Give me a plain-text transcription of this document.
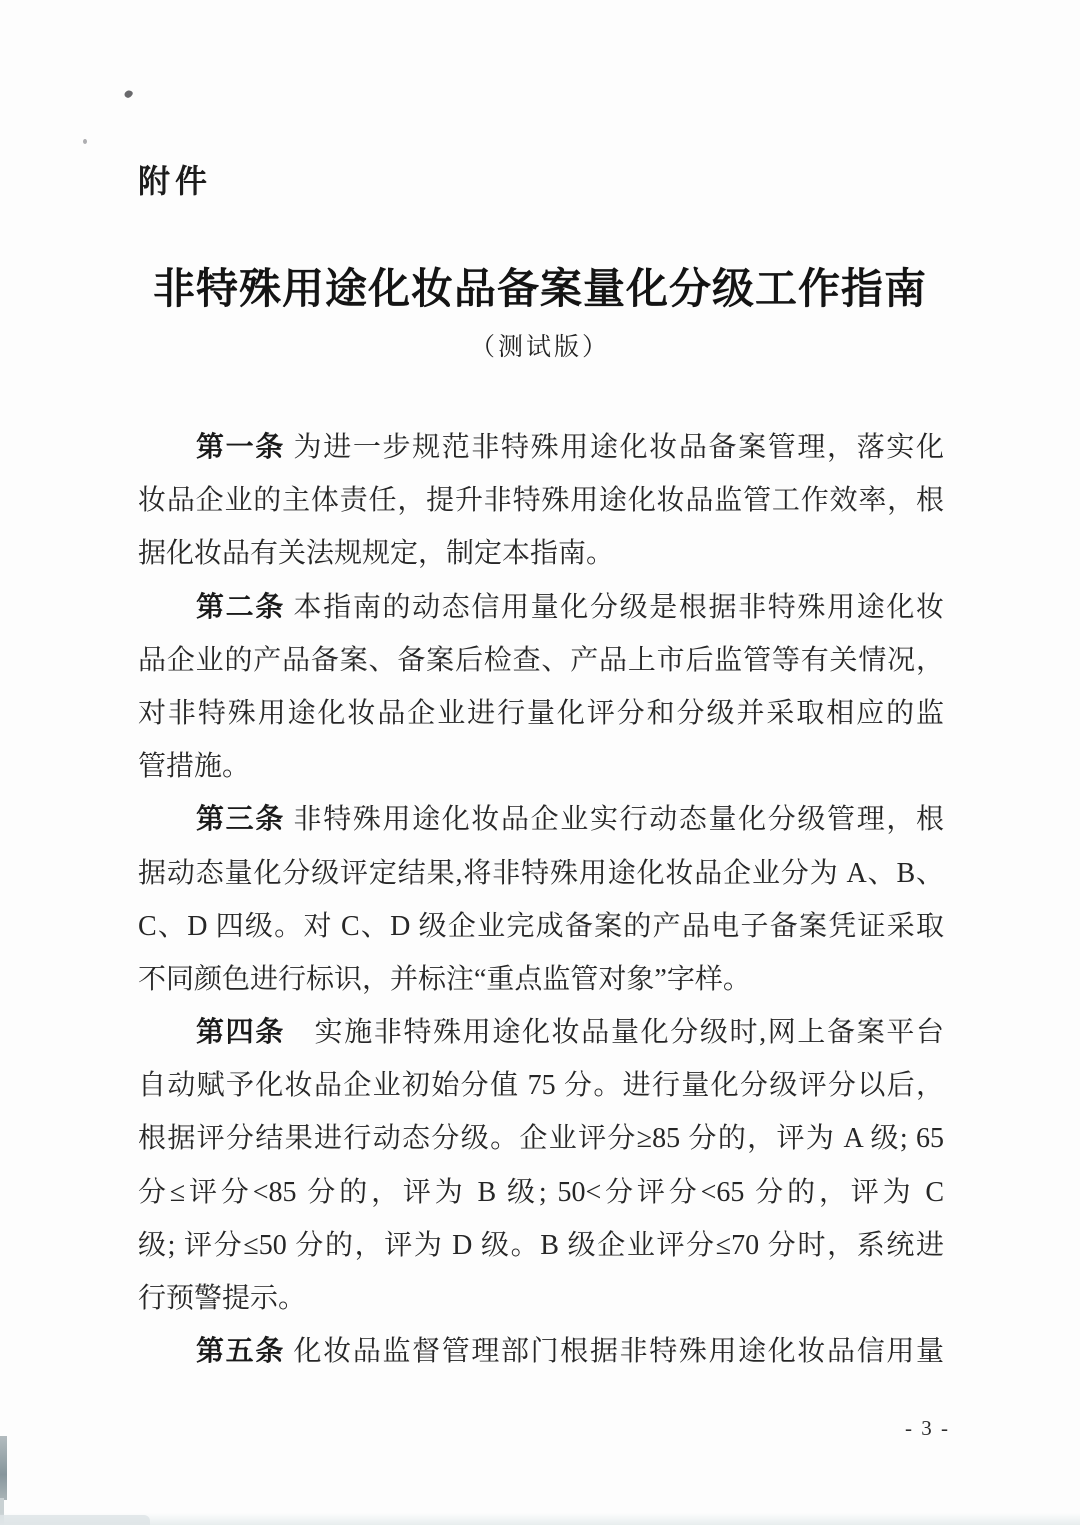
附件
非特殊用途化妆品备案量化分级工作指南
（测试版）
第一条 为进一步规范非特殊用途化妆品备案管理，落实化
妆品企业的主体责任，提升非特殊用途化妆品监管工作效率，根
据化妆品有关法规规定，制定本指南。
第二条 本指南的动态信用量化分级是根据非特殊用途化妆
品企业的产品备案、备案后检查、产品上市后监管等有关情况，
对非特殊用途化妆品企业进行量化评分和分级并采取相应的监
管措施。
第三条 非特殊用途化妆品企业实行动态量化分级管理，根
据动态量化分级评定结果,将非特殊用途化妆品企业分为 A、B、
C、D 四级。对 C、D 级企业完成备案的产品电子备案凭证采取
不同颜色进行标识，并标注“重点监管对象”字样。
第四条　实施非特殊用途化妆品量化分级时,网上备案平台
自动赋予化妆品企业初始分值 75 分。进行量化分级评分以后，
根据评分结果进行动态分级。企业评分≥85 分的，评为 A 级; 65
分≤评分<85 分的，评为 B 级; 50<分评分<65 分的，评为 C
级; 评分≤50 分的，评为 D 级。B 级企业评分≤70 分时，系统进
行预警提示。
第五条 化妆品监督管理部门根据非特殊用途化妆品信用量
- 3 -
